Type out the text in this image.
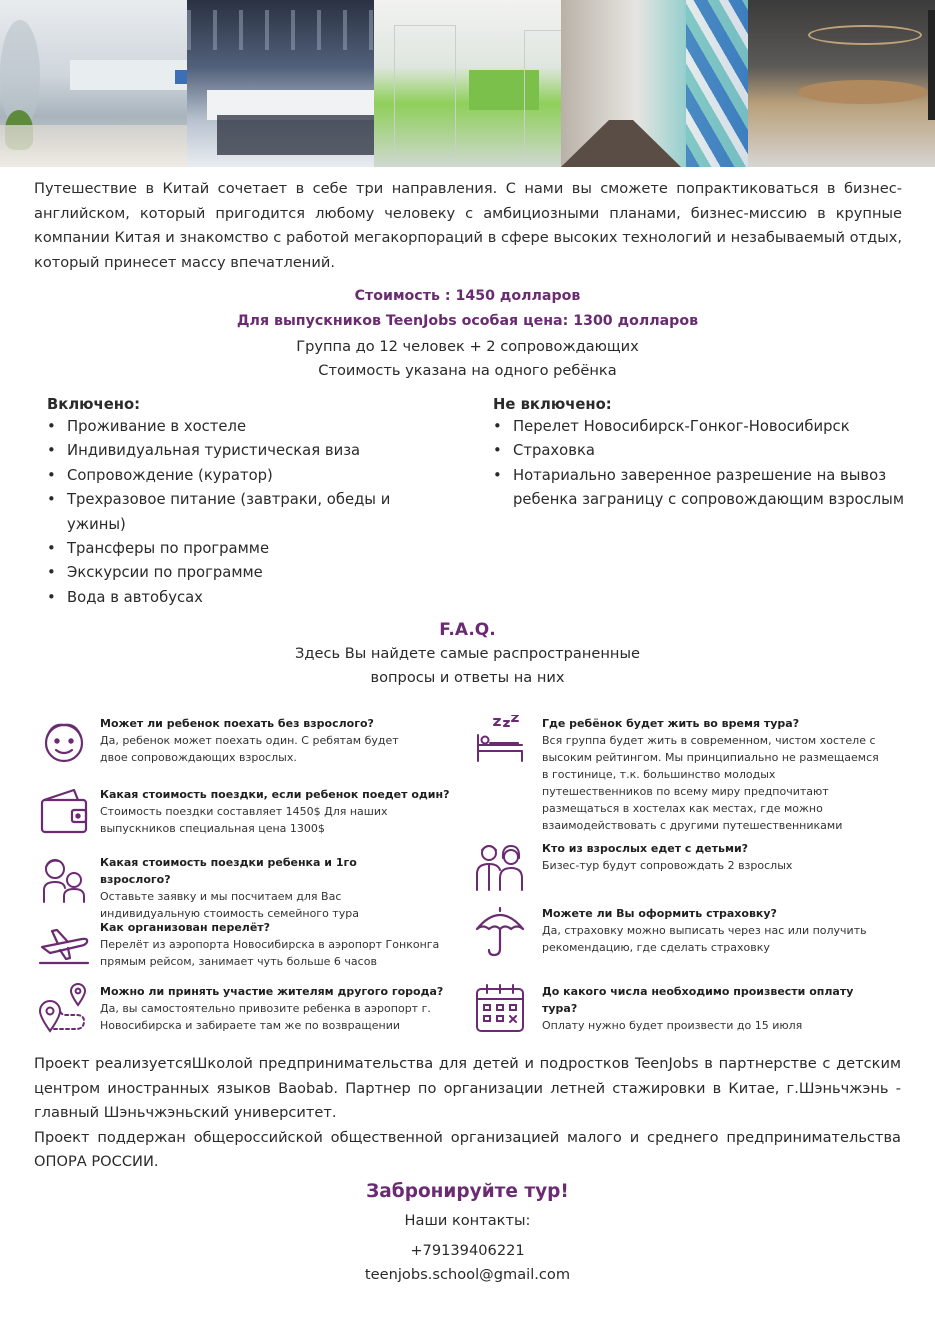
Путешествие в Китай сочетает в себе три направления. С нами вы сможете попрактиковаться в бизнес-английском, который пригодится любому человеку с амбициозными планами, бизнес-миссию в крупные компании Китая и знакомство с работой мегакорпораций в сфере высоких технологий и незабываемый отдых, который принесет массу впечатлений.

Стоимость : 1450 долларов

Для выпускников TeenJobs особая цена: 1300 долларов

Группа до 12 человек + 2 сопровождающих

Стоимость указана на одного ребёнка

Включено:
• Проживание в хостеле
• Индивидуальная туристическая виза
• Сопровождение (куратор)
• Трехразовое питание (завтраки, обеды и ужины)
• Трансферы по программе
• Экскурсии по программе
• Вода в автобусах
Не включено:
• Перелет Новосибирск-Гонког-Новосибирск
• Страховка
• Нотариально заверенное разрешение на вывоз ребенка заграницу с сопровождающим взрослым

F.A.Q.

Здесь Вы найдете самые распространенные
вопросы и ответы на них

Может ли ребенок поехать без взрослого?

Да, ребенок может поехать один. С ребятам будет двое сопровождающих взрослых.

Какая стоимость поездки, если ребенок поедет один?

Стоимость поездки составляет 1450$ Для наших выпускников специальная цена 1300$

Какая стоимость поездки ребенка и 1го взрослого?

Оставьте заявку и мы посчитаем для Вас индивидуальную стоимость семейного тура

Как организован перелёт?

Перелёт из аэропорта Новосибирска в аэропорт Гонконга прямым рейсом, занимает чуть больше 6 часов

Можно ли принять участие жителям другого города?

Да, вы самостоятельно привозите ребенка в аэропорт г. Новосибирска и забираете там же по возвращении

Где ребёнок будет жить во время тура?

Вся группа будет жить в современном, чистом хостеле с высоким рейтингом. Мы принципиально не размещаемся в гостинице, т.к. большинство молодых путешественников по всему миру предпочитают размещаться в хостелах как местах, где можно взаимодействовать с другими путешественниками

Кто из взрослых едет с детьми?

Бизес-тур будут сопровождать 2 взрослых

Можете ли Вы оформить страховку?

Да, страховку можно выписать через нас или получить рекомендацию, где сделать страховку

До какого числа необходимо произвести оплату тура?

Оплату нужно будет произвести до 15 июля

Проект реализуетсяШколой предпринимательства для детей и подростков TeenJobs в партнерстве с детским центром иностранных языков Baobab. Партнер по организации летней стажировки в Китае, г.Шэньчжэнь - главный Шэньчжэньский университет.
Проект поддержан общероссийской общественной организацией малого и среднего предпринимательства ОПОРА РОССИИ.

Забронируйте тур!

Наши контакты:

+79139406221

teenjobs.school@gmail.com
